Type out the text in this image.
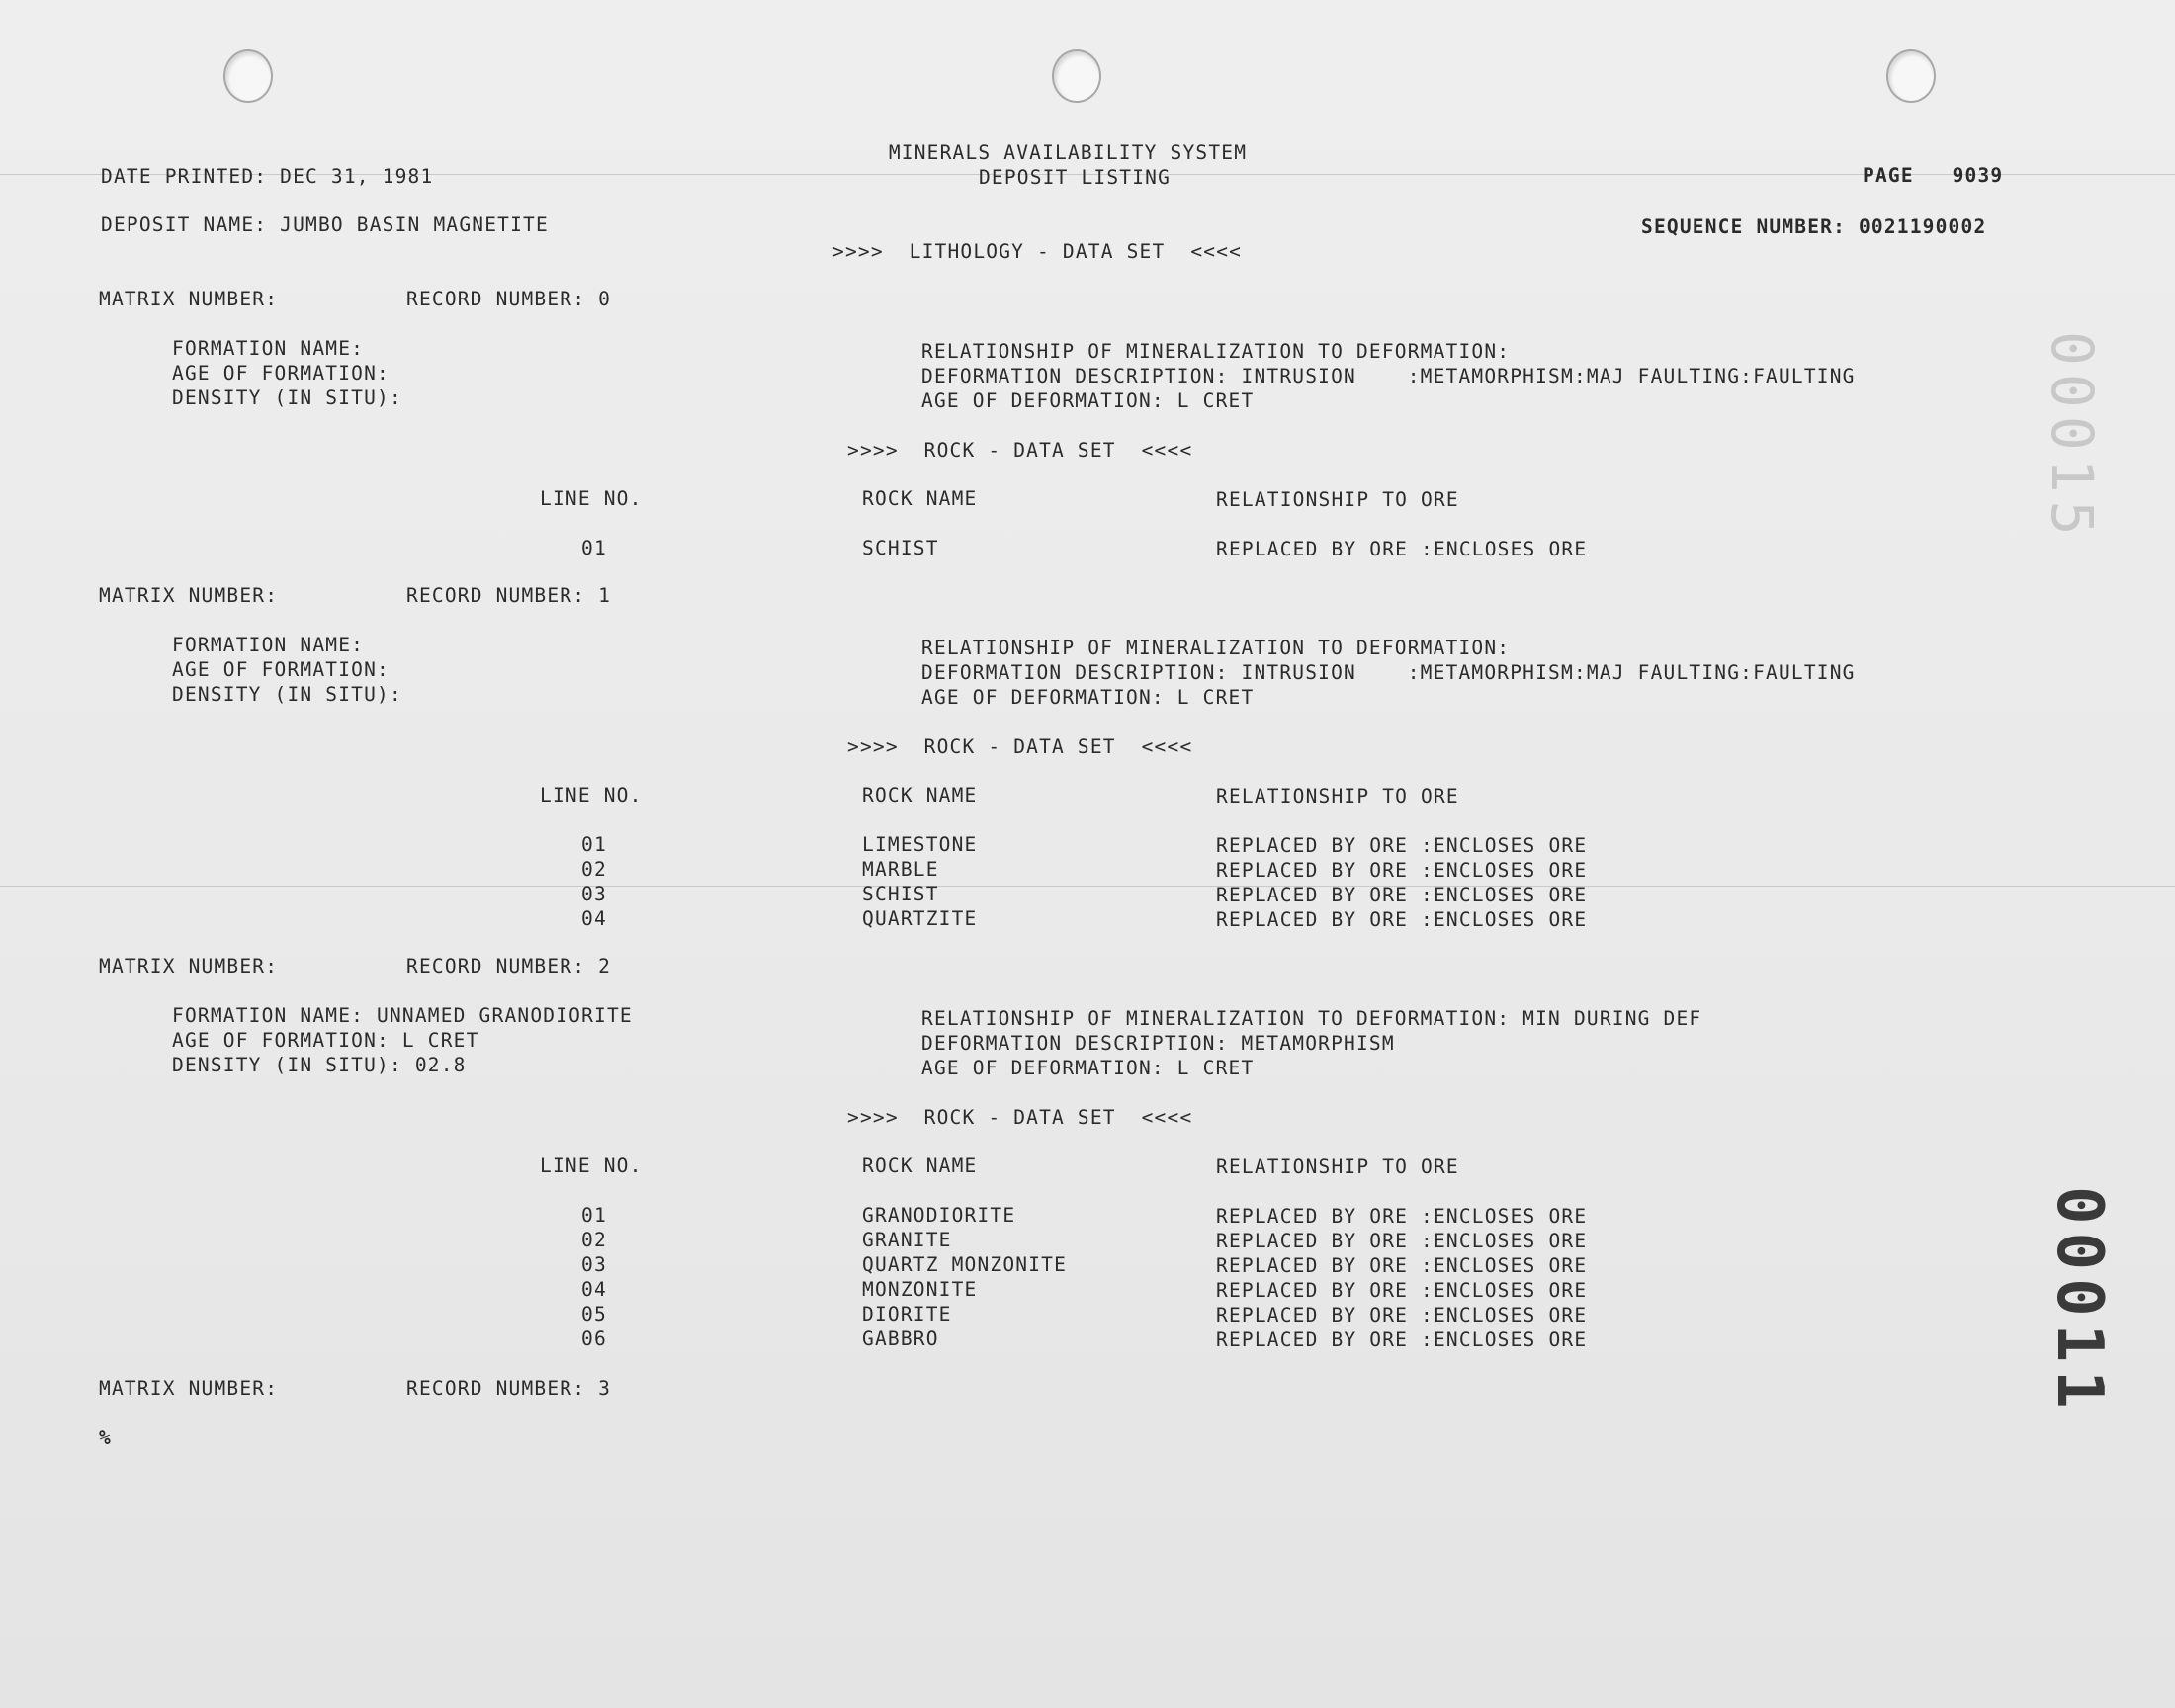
MINERALS AVAILABILITY SYSTEM
DEPOSIT LISTING
DATE PRINTED: DEC 31, 1981	PAGE   9039
DEPOSIT NAME: JUMBO BASIN MAGNETITE	SEQUENCE NUMBER: 0021190002
>>>>  LITHOLOGY - DATA SET  <<<<
MATRIX NUMBER:	RECORD NUMBER: 0
FORMATION NAME:
AGE OF FORMATION:
DENSITY (IN SITU):
RELATIONSHIP OF MINERALIZATION TO DEFORMATION:
DEFORMATION DESCRIPTION: INTRUSION    :METAMORPHISM:MAJ FAULTING:FAULTING
AGE OF DEFORMATION: L CRET
>>>>  ROCK - DATA SET  <<<<
LINE NO.	ROCK NAME	RELATIONSHIP TO ORE
01	SCHIST	REPLACED BY ORE :ENCLOSES ORE
MATRIX NUMBER:	RECORD NUMBER: 1
FORMATION NAME:
AGE OF FORMATION:
DENSITY (IN SITU):
RELATIONSHIP OF MINERALIZATION TO DEFORMATION:
DEFORMATION DESCRIPTION: INTRUSION    :METAMORPHISM:MAJ FAULTING:FAULTING
AGE OF DEFORMATION: L CRET
>>>>  ROCK - DATA SET  <<<<
LINE NO.	ROCK NAME	RELATIONSHIP TO ORE
01	LIMESTONE	REPLACED BY ORE :ENCLOSES ORE
02	MARBLE	REPLACED BY ORE :ENCLOSES ORE
03	SCHIST	REPLACED BY ORE :ENCLOSES ORE
04	QUARTZITE	REPLACED BY ORE :ENCLOSES ORE
MATRIX NUMBER:	RECORD NUMBER: 2
FORMATION NAME: UNNAMED GRANODIORITE
AGE OF FORMATION: L CRET
DENSITY (IN SITU): 02.8
RELATIONSHIP OF MINERALIZATION TO DEFORMATION: MIN DURING DEF
DEFORMATION DESCRIPTION: METAMORPHISM
AGE OF DEFORMATION: L CRET
>>>>  ROCK - DATA SET  <<<<
LINE NO.	ROCK NAME	RELATIONSHIP TO ORE
01	GRANODIORITE	REPLACED BY ORE :ENCLOSES ORE
02	GRANITE	REPLACED BY ORE :ENCLOSES ORE
03	QUARTZ MONZONITE	REPLACED BY ORE :ENCLOSES ORE
04	MONZONITE	REPLACED BY ORE :ENCLOSES ORE
05	DIORITE	REPLACED BY ORE :ENCLOSES ORE
06	GABBRO	REPLACED BY ORE :ENCLOSES ORE
MATRIX NUMBER:	RECORD NUMBER: 3
%
00011
00015
